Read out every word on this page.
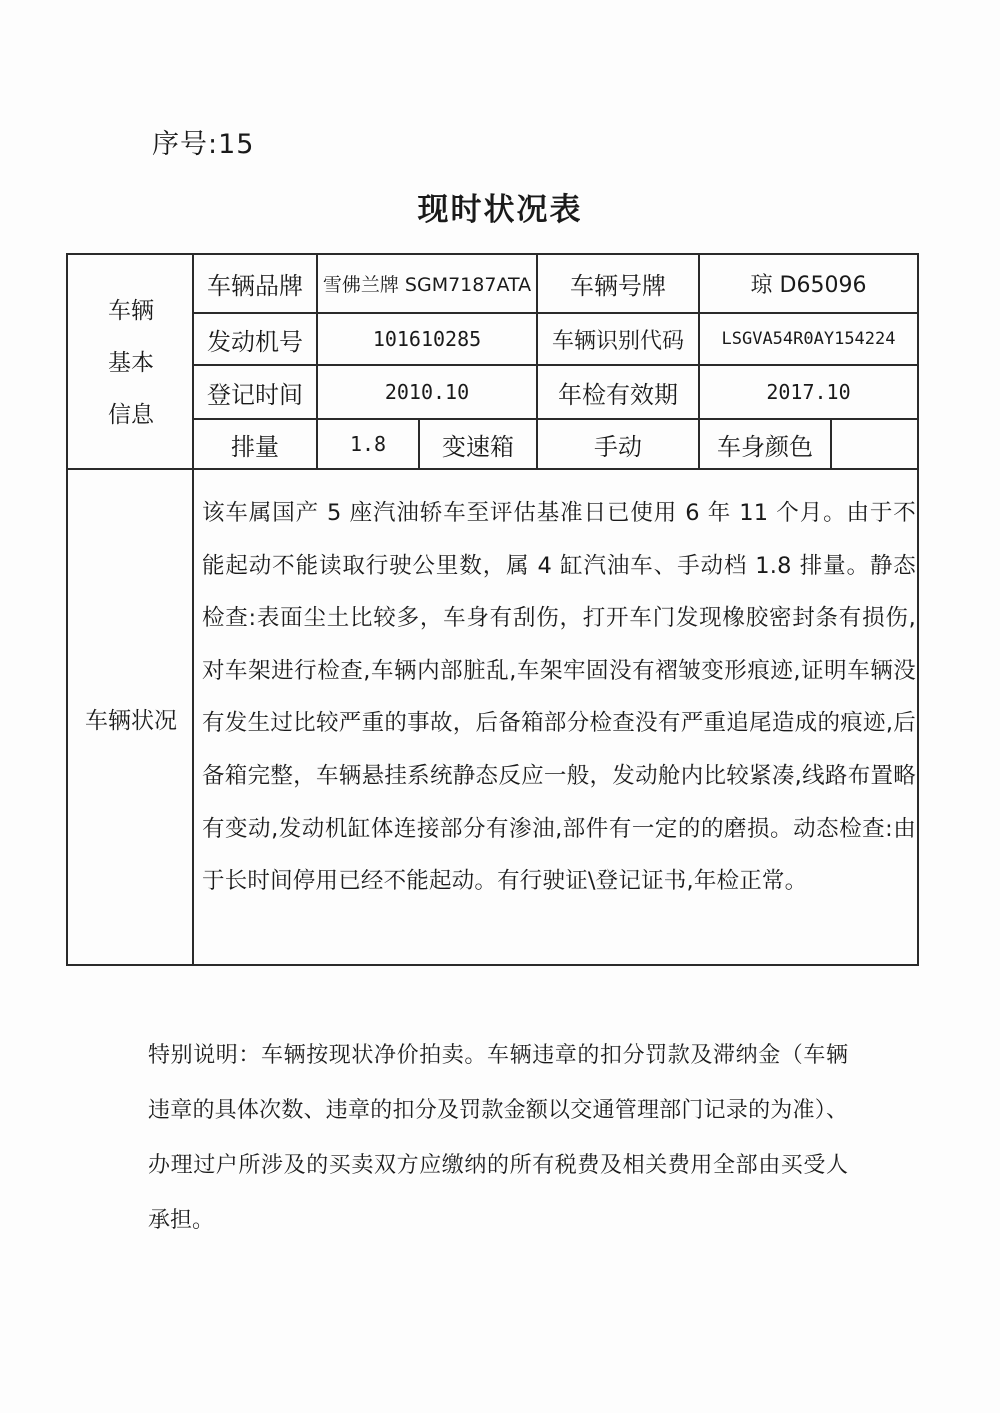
序号:15
现时状况表
车辆
基本
信息
车辆品牌	雪佛兰牌 SGM7187ATA	车辆号牌	琼 D65096
发动机号	101610285	车辆识别代码	LSGVA54R0AY154224
登记时间	2010.10	年检有效期	2017.10
排量	1.8	变速箱	手动	车身颜色
车辆状况
该车属国产 5 座汽油轿车至评估基准日已使用 6 年 11 个月。由于不能起动不能读取行驶公里数，属 4 缸汽油车、手动档 1.8 排量。静态检查:表面尘土比较多，车身有刮伤，打开车门发现橡胶密封条有损伤,对车架进行检查,车辆内部脏乱,车架牢固没有褶皱变形痕迹,证明车辆没有发生过比较严重的事故，后备箱部分检查没有严重追尾造成的痕迹,后备箱完整，车辆悬挂系统静态反应一般，发动舱内比较紧凑,线路布置略有变动,发动机缸体连接部分有渗油,部件有一定的的磨损。动态检查:由于长时间停用已经不能起动。有行驶证\登记证书,年检正常。
特别说明：车辆按现状净价拍卖。车辆违章的扣分罚款及滞纳金（车辆违章的具体次数、违章的扣分及罚款金额以交通管理部门记录的为准）、办理过户所涉及的买卖双方应缴纳的所有税费及相关费用全部由买受人承担。
